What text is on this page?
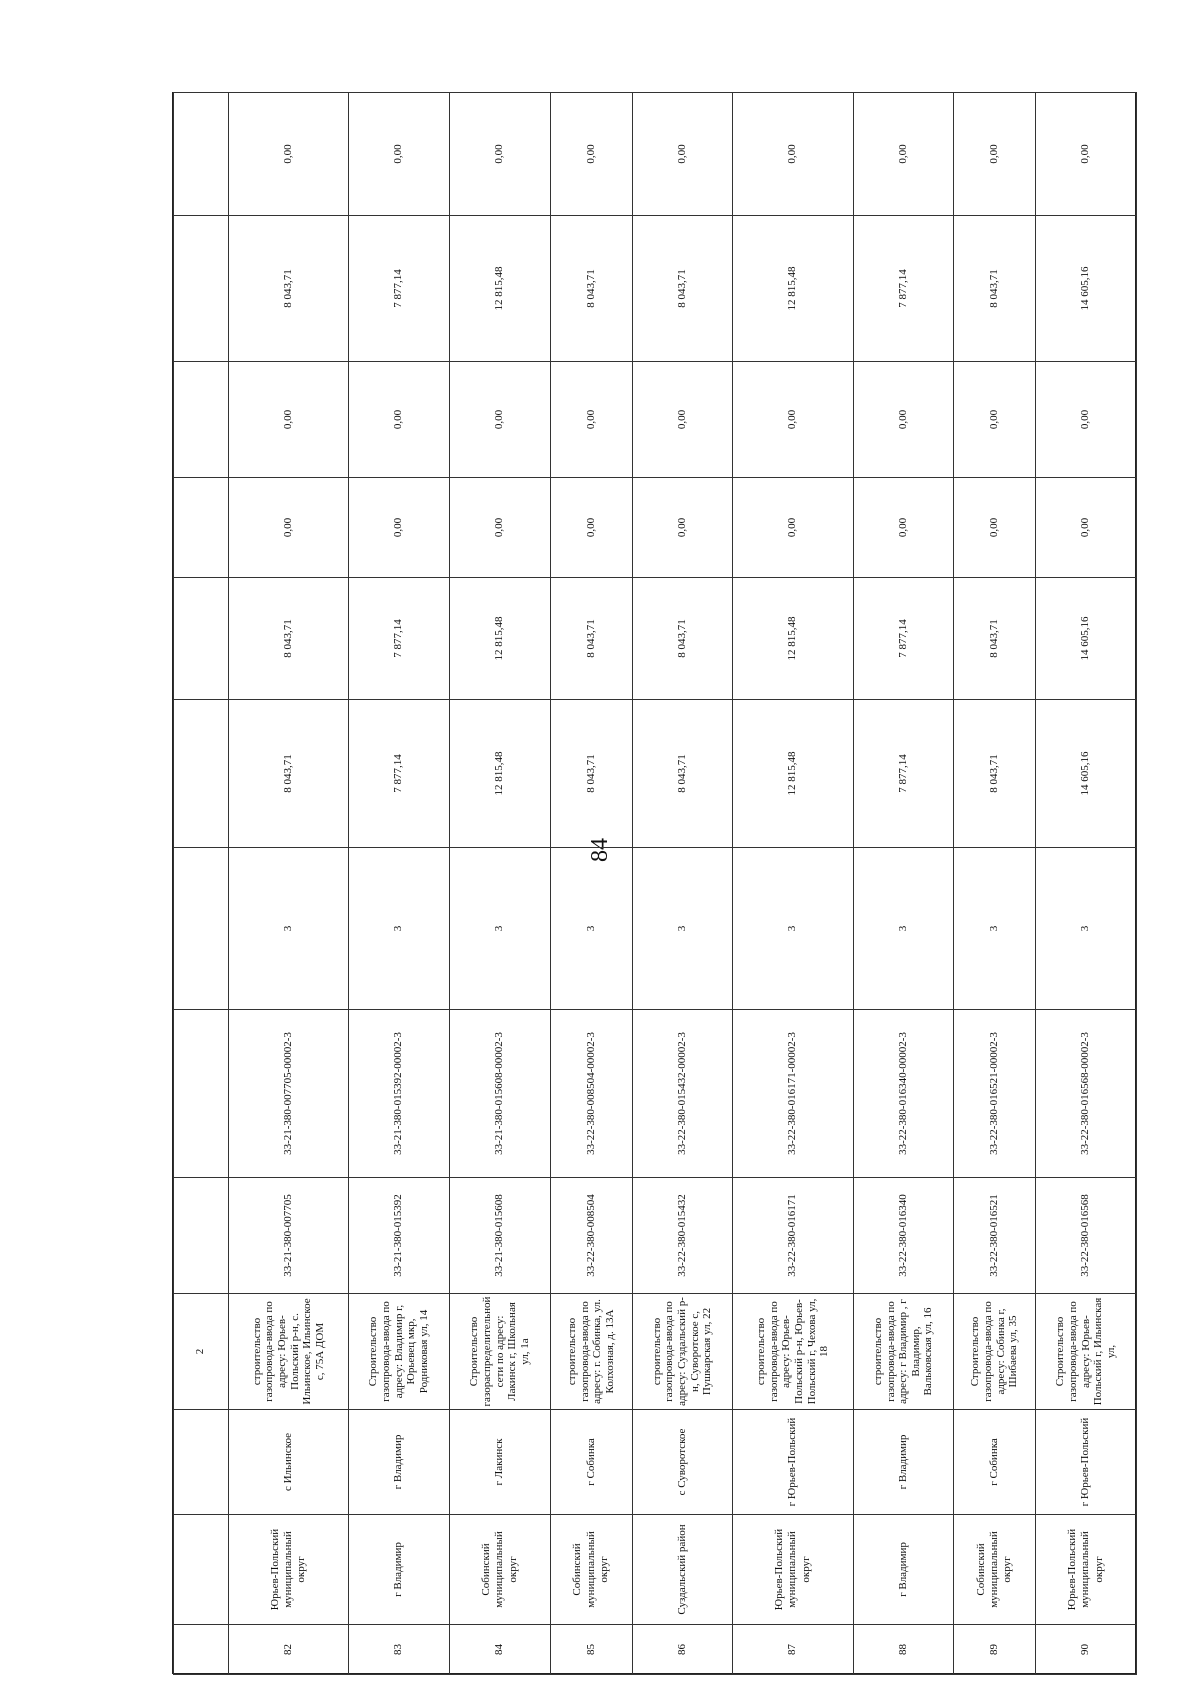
84
			2									
82	Юрьев-Польский муниципальный округ	с Ильинское	строительство газопровода-ввода по адресу: Юрьев-Польский р-н, с. Ильинское, Ильинское с, 75А ДОМ	33-21-380-007705	33-21-380-007705-00002-3	3	8 043,71	8 043,71	0,00	0,00	8 043,71	0,00
83	г Владимир	г Владимир	Строительство газопровода-ввода по адресу: Владимир г, Юрьевец мкр, Родниковая ул, 14	33-21-380-015392	33-21-380-015392-00002-3	3	7 877,14	7 877,14	0,00	0,00	7 877,14	0,00
84	Собинский муниципальный округ	г Лакинск	Строительство газораспределительной сети по адресу: Лакинск г, Школьная ул, 1а	33-21-380-015608	33-21-380-015608-00002-3	3	12 815,48	12 815,48	0,00	0,00	12 815,48	0,00
85	Собинский муниципальный округ	г Собинка	строительство газопровода-ввода по адресу: г. Собинка, ул. Колхозная, д. 13А	33-22-380-008504	33-22-380-008504-00002-3	3	8 043,71	8 043,71	0,00	0,00	8 043,71	0,00
86	Суздальский район	с Суворотское	строительство газопровода-ввода по адресу: Суздальский р-н, Суворотское с, Пушкарская ул, 22	33-22-380-015432	33-22-380-015432-00002-3	3	8 043,71	8 043,71	0,00	0,00	8 043,71	0,00
87	Юрьев-Польский муниципальный округ	г Юрьев-Польский	строительство газопровода-ввода по адресу: Юрьев-Польский р-н, Юрьев-Польский г, Чехова ул, 18	33-22-380-016171	33-22-380-016171-00002-3	3	12 815,48	12 815,48	0,00	0,00	12 815,48	0,00
88	г Владимир	г Владимир	строительство газопровода-ввода по адресу: г Владимир , г Владимир, Вальковская ул, 16	33-22-380-016340	33-22-380-016340-00002-3	3	7 877,14	7 877,14	0,00	0,00	7 877,14	0,00
89	Собинский муниципальный округ	г Собинка	Строительство газопровода-ввода по адресу: Собинка г, Шибаева ул, 35	33-22-380-016521	33-22-380-016521-00002-3	3	8 043,71	8 043,71	0,00	0,00	8 043,71	0,00
90	Юрьев-Польский муниципальный округ	г Юрьев-Польский	Строительство газопровода-ввода по адресу: Юрьев-Польский г, Ильинская ул,	33-22-380-016568	33-22-380-016568-00002-3	3	14 605,16	14 605,16	0,00	0,00	14 605,16	0,00
